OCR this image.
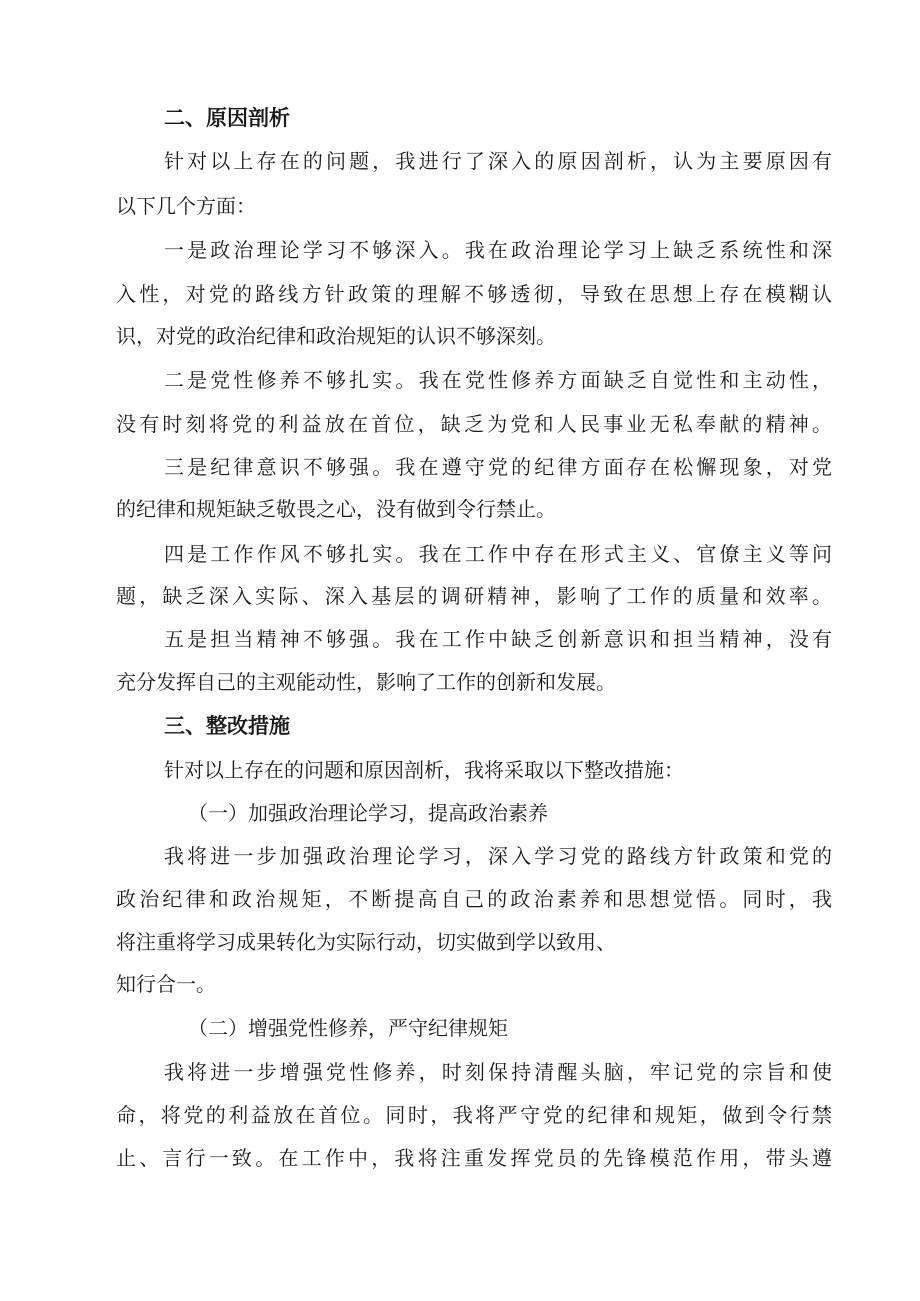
二、原因剖析
针对以上存在的问题，我进行了深入的原因剖析，认为主要原因有
以下几个方面：
一是政治理论学习不够深入。我在政治理论学习上缺乏系统性和深
入性，对党的路线方针政策的理解不够透彻，导致在思想上存在模糊认
识，对党的政治纪律和政治规矩的认识不够深刻。
二是党性修养不够扎实。我在党性修养方面缺乏自觉性和主动性，
没有时刻将党的利益放在首位，缺乏为党和人民事业无私奉献的精神。
三是纪律意识不够强。我在遵守党的纪律方面存在松懈现象，对党
的纪律和规矩缺乏敬畏之心，没有做到令行禁止。
四是工作作风不够扎实。我在工作中存在形式主义、官僚主义等问
题，缺乏深入实际、深入基层的调研精神，影响了工作的质量和效率。
五是担当精神不够强。我在工作中缺乏创新意识和担当精神，没有
充分发挥自己的主观能动性，影响了工作的创新和发展。
三、整改措施
针对以上存在的问题和原因剖析，我将采取以下整改措施：
（一）加强政治理论学习，提高政治素养
我将进一步加强政治理论学习，深入学习党的路线方针政策和党的
政治纪律和政治规矩，不断提高自己的政治素养和思想觉悟。同时，我
将注重将学习成果转化为实际行动，切实做到学以致用、
知行合一。
（二）增强党性修养，严守纪律规矩
我将进一步增强党性修养，时刻保持清醒头脑，牢记党的宗旨和使
命，将党的利益放在首位。同时，我将严守党的纪律和规矩，做到令行禁
止、言行一致。在工作中，我将注重发挥党员的先锋模范作用，带头遵
